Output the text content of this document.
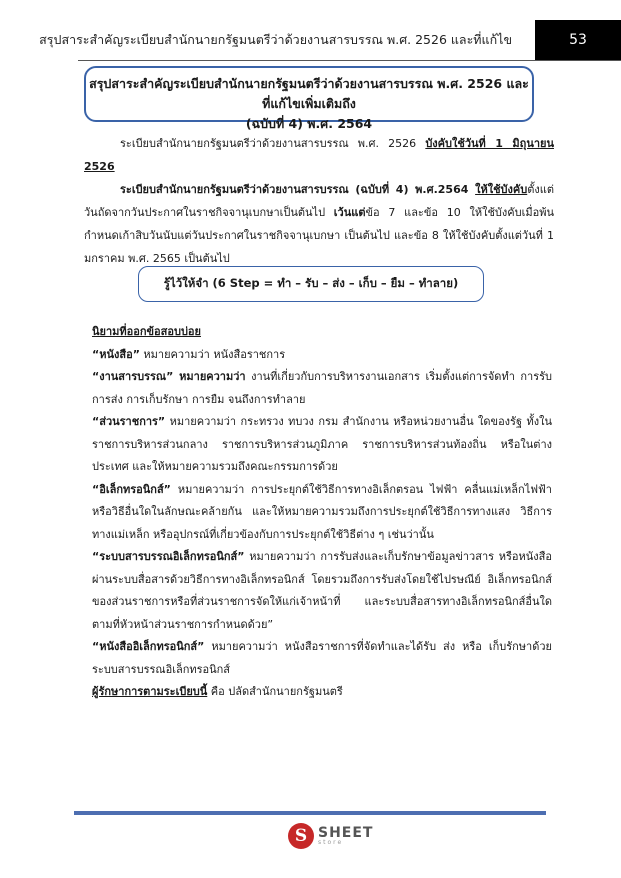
สรุปสาระสำคัญระเบียบสำนักนายกรัฐมนตรีว่าด้วยงานสารบรรณ พ.ศ. 2526 และที่แก้ไข	53
สรุปสาระสำคัญระเบียบสำนักนายกรัฐมนตรีว่าด้วยงานสารบรรณ พ.ศ. 2526 และที่แก้ไขเพิ่มเติมถึง
(ฉบับที่ 4) พ.ศ. 2564

ระเบียบสำนักนายกรัฐมนตรีว่าด้วยงานสารบรรณ พ.ศ. 2526 บังคับใช้วันที่ 1 มิถุนายน 2526

ระเบียบสำนักนายกรัฐมนตรีว่าด้วยงานสารบรรณ (ฉบับที่ 4) พ.ศ.2564 ให้ใช้บังคับตั้งแต่วันถัดจากวันประกาศในราชกิจจานุเบกษาเป็นต้นไป เว้นแต่ข้อ 7 และข้อ 10 ให้ใช้บังคับเมื่อพ้นกำหนดเก้าสิบวันนับแต่วันประกาศในราชกิจจานุเบกษา เป็นต้นไป และข้อ 8 ให้ใช้บังคับตั้งแต่วันที่ 1 มกราคม พ.ศ. 2565 เป็นต้นไป

รู้ไว้ให้จำ (6 Step = ทำ – รับ – ส่ง – เก็บ – ยืม – ทำลาย)

นิยามที่ออกข้อสอบบ่อย

“หนังสือ” หมายความว่า หนังสือราชการ

“งานสารบรรณ” หมายความว่า งานที่เกี่ยวกับการบริหารงานเอกสาร เริ่มตั้งแต่การจัดทำ การรับ การส่ง การเก็บรักษา การยืม จนถึงการทำลาย

“ส่วนราชการ” หมายความว่า กระทรวง ทบวง กรม สำนักงาน หรือหน่วยงานอื่น ใดของรัฐ ทั้งในราชการบริหารส่วนกลาง ราชการบริหารส่วนภูมิภาค ราชการบริหารส่วนท้องถิ่น หรือในต่างประเทศ และให้หมายความรวมถึงคณะกรรมการด้วย

“อิเล็กทรอนิกส์” หมายความว่า การประยุกต์ใช้วิธีการทางอิเล็กตรอน ไฟฟ้า คลื่นแม่เหล็กไฟฟ้าหรือวิธีอื่นใดในลักษณะคล้ายกัน และให้หมายความรวมถึงการประยุกต์ใช้วิธีการทางแสง วิธีการ ทางแม่เหล็ก หรืออุปกรณ์ที่เกี่ยวข้องกับการประยุกต์ใช้วิธีต่าง ๆ เช่นว่านั้น

“ระบบสารบรรณอิเล็กทรอนิกส์” หมายความว่า การรับส่งและเก็บรักษาข้อมูลข่าวสาร หรือหนังสือผ่านระบบสื่อสารด้วยวิธีการทางอิเล็กทรอนิกส์ โดยรวมถึงการรับส่งโดยใช้ไปรษณีย์ อิเล็กทรอนิกส์ของส่วนราชการหรือที่ส่วนราชการจัดให้แก่เจ้าหน้าที่ และระบบสื่อสารทางอิเล็กทรอนิกส์อื่นใด ตามที่หัวหน้าส่วนราชการกำหนดด้วย”

“หนังสืออิเล็กทรอนิกส์” หมายความว่า หนังสือราชการที่จัดทำและได้รับ ส่ง หรือ เก็บรักษาด้วยระบบสารบรรณอิเล็กทรอนิกส์

ผู้รักษาการตามระเบียบนี้ คือ ปลัดสำนักนายกรัฐมนตรี

S SHEET
store
